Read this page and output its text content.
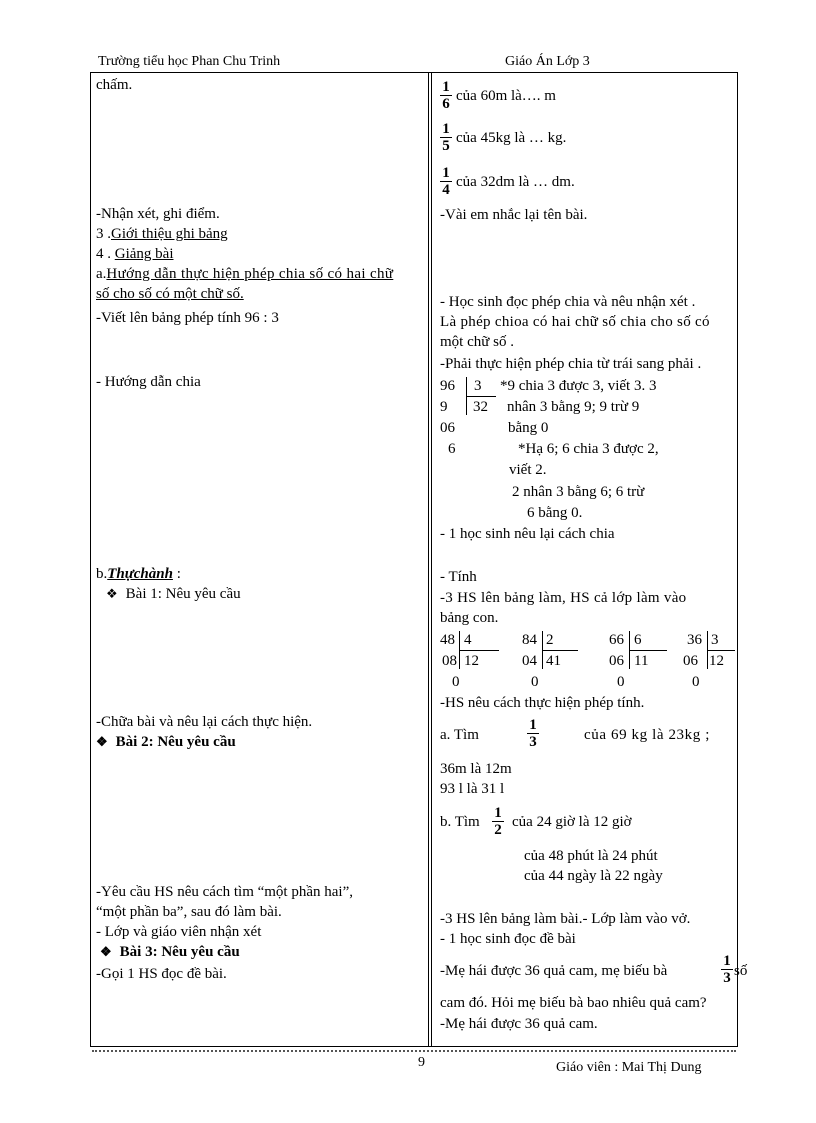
Trường tiểu học Phan Chu Trinh	Giáo Án Lớp 3
chấm.
-Nhận xét, ghi điểm.
3 .Giới thiệu ghi bảng
4 . Giảng bài
a.Hướng dẫn thực hiện phép chia số có hai chữ
số cho số có một chữ số.
-Viết lên bảng phép tính 96 : 3
- Hướng dẫn chia
b.Thựchành :
❖ Bài 1: Nêu yêu cầu
-Chữa bài và nêu lại cách thực hiện.
❖ Bài 2: Nêu yêu cầu
-Yêu cầu HS nêu cách tìm “một phần hai”,
“một phần ba”, sau đó làm bài.
- Lớp và giáo viên nhận xét
❖ Bài 3: Nêu yêu cầu
-Gọi 1 HS đọc đề bài.
$\frac{1}{6}$ của 60m là…. m
$\frac{1}{5}$ của 45kg là … kg.
$\frac{1}{4}$ của 32dm là … dm.
-Vài em nhắc lại tên bài.
- Học sinh đọc phép chia và nêu nhận xét .
Là phép chioa có hai chữ số chia cho số có
một chữ số .
-Phải thực hiện phép chia từ trái sang phải .
96 3 *9 chia 3 được 3, viết 3. 3
9 32 nhân 3 bằng 9; 9 trừ 9
06	bằng 0
6	*Hạ 6; 6 chia 3 được 2,
viết 2.
2 nhân 3 bằng 6; 6 trừ
6 bằng 0.
- 1 học sinh nêu lại cách chia
- Tính
-3 HS lên bảng làm, HS cả lớp làm vào
bảng con.
48 4
08 12
0
84 2
04 41
0
66 6
06 11
0
36 3
06 12
0
-HS nêu cách thực hiện phép tính.
a. Tìm	$\frac{1}{3}$	của 69 kg là 23kg ;
36m là 12m
93 l là 31 l
b. Tìm $\frac{1}{2}$ của 24 giờ là 12 giờ
của 48 phút là 24 phút
của 44 ngày là 22 ngày
-3 HS lên bảng làm bài.- Lớp làm vào vở.
- 1 học sinh đọc đề bài
-Mẹ hái được 36 quả cam, mẹ biếu bà	$\frac{1}{3}$ số
cam đó. Hỏi mẹ biếu bà bao nhiêu quả cam?
-Mẹ hái được 36 quả cam.
9	Giáo viên : Mai Thị Dung
